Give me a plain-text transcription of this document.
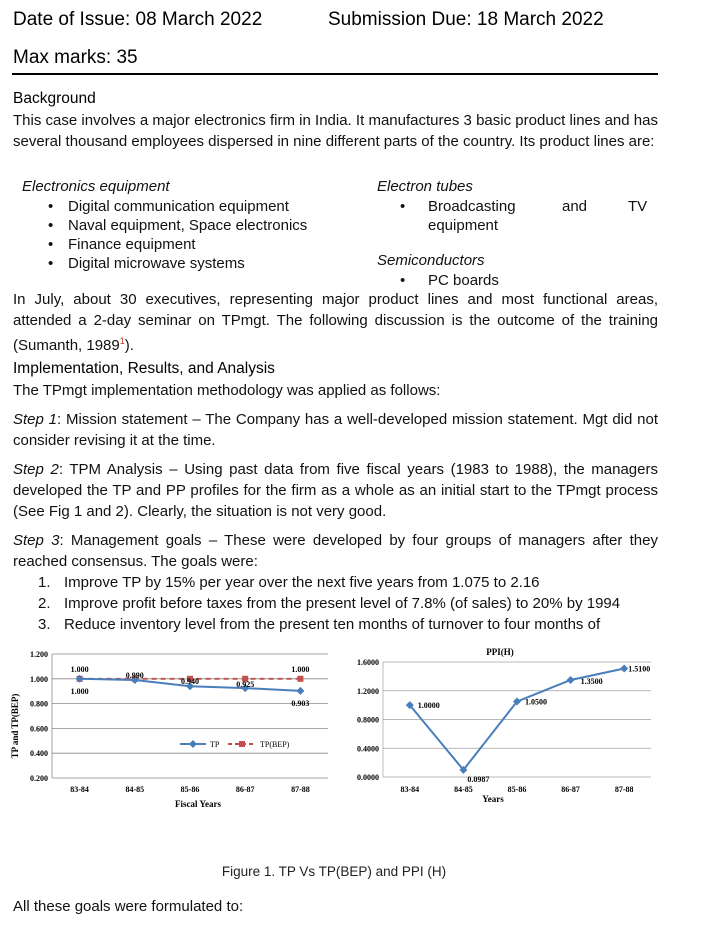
Date of Issue: 08 March 2022	Submission Due: 18 March 2022
Max marks: 35
Background
This case involves a major electronics firm in India. It manufactures 3 basic product lines and has several thousand employees dispersed in nine different parts of the country. Its product lines are:
Electronics equipment
• Digital communication equipment
• Naval equipment, Space electronics
• Finance equipment
• Digital microwave systems
Electron tubes
•	Broadcasting	and	TV
equipment
Semiconductors
• PC boards
In July, about 30 executives, representing major product lines and most functional areas, attended a 2-day seminar on TPmgt. The following discussion is the outcome of the training (Sumanth, 1989$^1$).
Implementation, Results, and Analysis
The TPmgt implementation methodology was applied as follows:
Step 1: Mission statement – The Company has a well-developed mission statement. Mgt did not consider revising it at the time.
Step 2: TPM Analysis – Using past data from five fiscal years (1983 to 1988), the managers developed the TP and PP profiles for the firm as a whole as an initial start to the TPmgt process (See Fig 1 and 2). Clearly, the situation is not very good.
Step 3: Management goals – These were developed by four groups of managers after they reached consensus. The goals were:
1. Improve TP by 15% per year over the next five years from 1.075 to 2.16
2. Improve profit before taxes from the present level of 7.8% (of sales) to 20% by 1994
3. Reduce inventory level from the present ten months of turnover to four months of
0.200
0.400
0.600
0.800
1.000
1.200
83-84	84-85	85-86	86-87	87-88
1.000
0.990
0.940	0.925
0.903
1.000	1.000
TP and TP(BEP)
Fiscal Years
TP	TP(BEP)
PPI(H)
0.0000
0.4000
0.8000
1.2000
1.6000
83-84	84-85	85-86	86-87	87-88
1.0000
0.0987
1.0500
1.3500
1.5100
Years
Figure 1. TP Vs TP(BEP) and PPI (H)
All these goals were formulated to:
